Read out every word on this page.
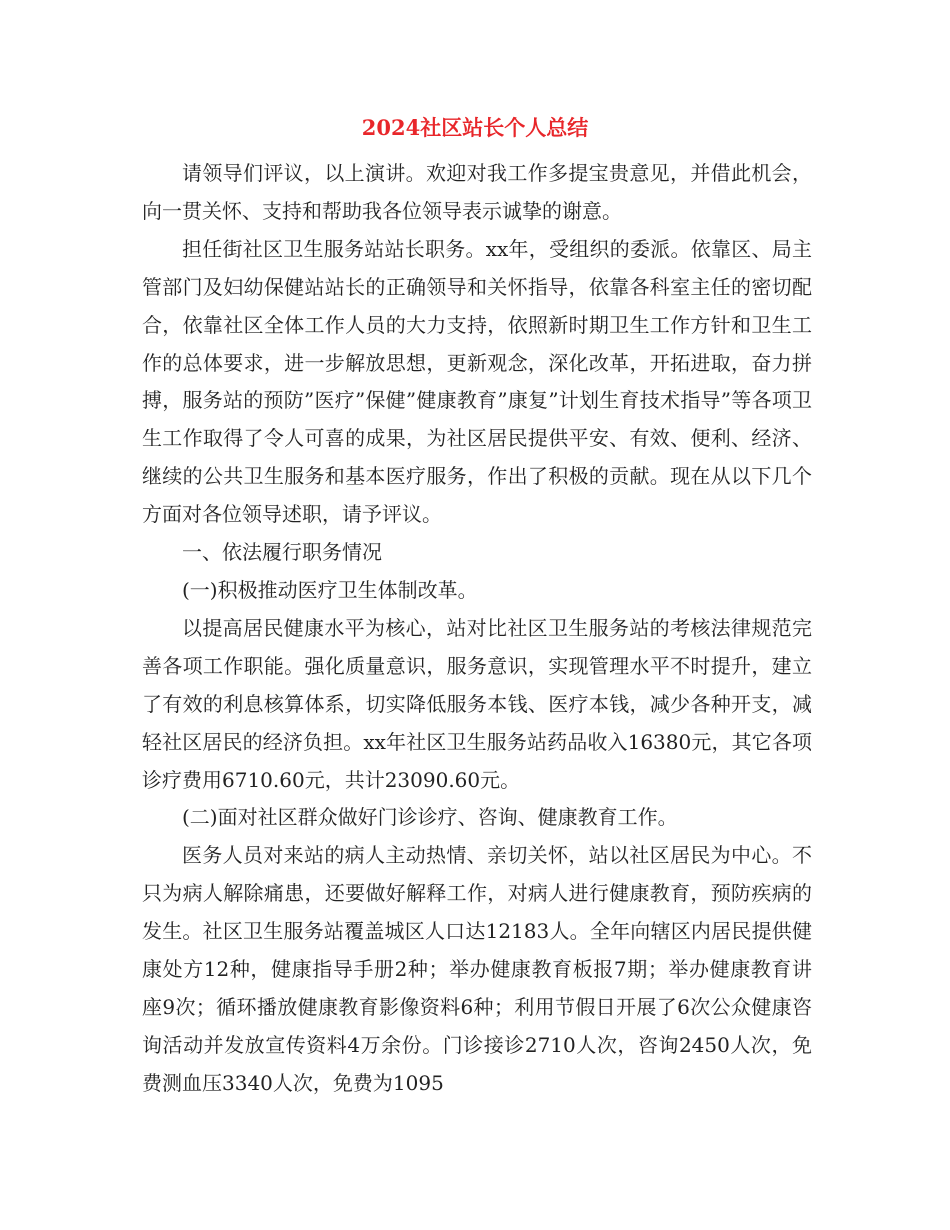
2024社区站长个人总结

请领导们评议，以上演讲。欢迎对我工作多提宝贵意见，并借此机会，向一贯关怀、支持和帮助我各位领导表示诚挚的谢意。

担任街社区卫生服务站站长职务。xx年，受组织的委派。依靠区、局主管部门及妇幼保健站站长的正确领导和关怀指导，依靠各科室主任的密切配合，依靠社区全体工作人员的大力支持，依照新时期卫生工作方针和卫生工作的总体要求，进一步解放思想，更新观念，深化改革，开拓进取，奋力拼搏，服务站的预防”医疗”保健”健康教育”康复”计划生育技术指导”等各项卫生工作取得了令人可喜的成果，为社区居民提供平安、有效、便利、经济、继续的公共卫生服务和基本医疗服务，作出了积极的贡献。现在从以下几个方面对各位领导述职，请予评议。

一、依法履行职务情况

(一)积极推动医疗卫生体制改革。

以提高居民健康水平为核心，站对比社区卫生服务站的考核法律规范完善各项工作职能。强化质量意识，服务意识，实现管理水平不时提升，建立了有效的利息核算体系，切实降低服务本钱、医疗本钱，减少各种开支，减轻社区居民的经济负担。xx年社区卫生服务站药品收入16380元，其它各项诊疗费用6710.60元，共计23090.60元。

(二)面对社区群众做好门诊诊疗、咨询、健康教育工作。

医务人员对来站的病人主动热情、亲切关怀，站以社区居民为中心。不只为病人解除痛患，还要做好解释工作，对病人进行健康教育，预防疾病的发生。社区卫生服务站覆盖城区人口达12183人。全年向辖区内居民提供健康处方12种，健康指导手册2种；举办健康教育板报7期；举办健康教育讲座9次；循环播放健康教育影像资料6种；利用节假日开展了6次公众健康咨询活动并发放宣传资料4万余份。门诊接诊2710人次，咨询2450人次，免费测血压3340人次，免费为1095
